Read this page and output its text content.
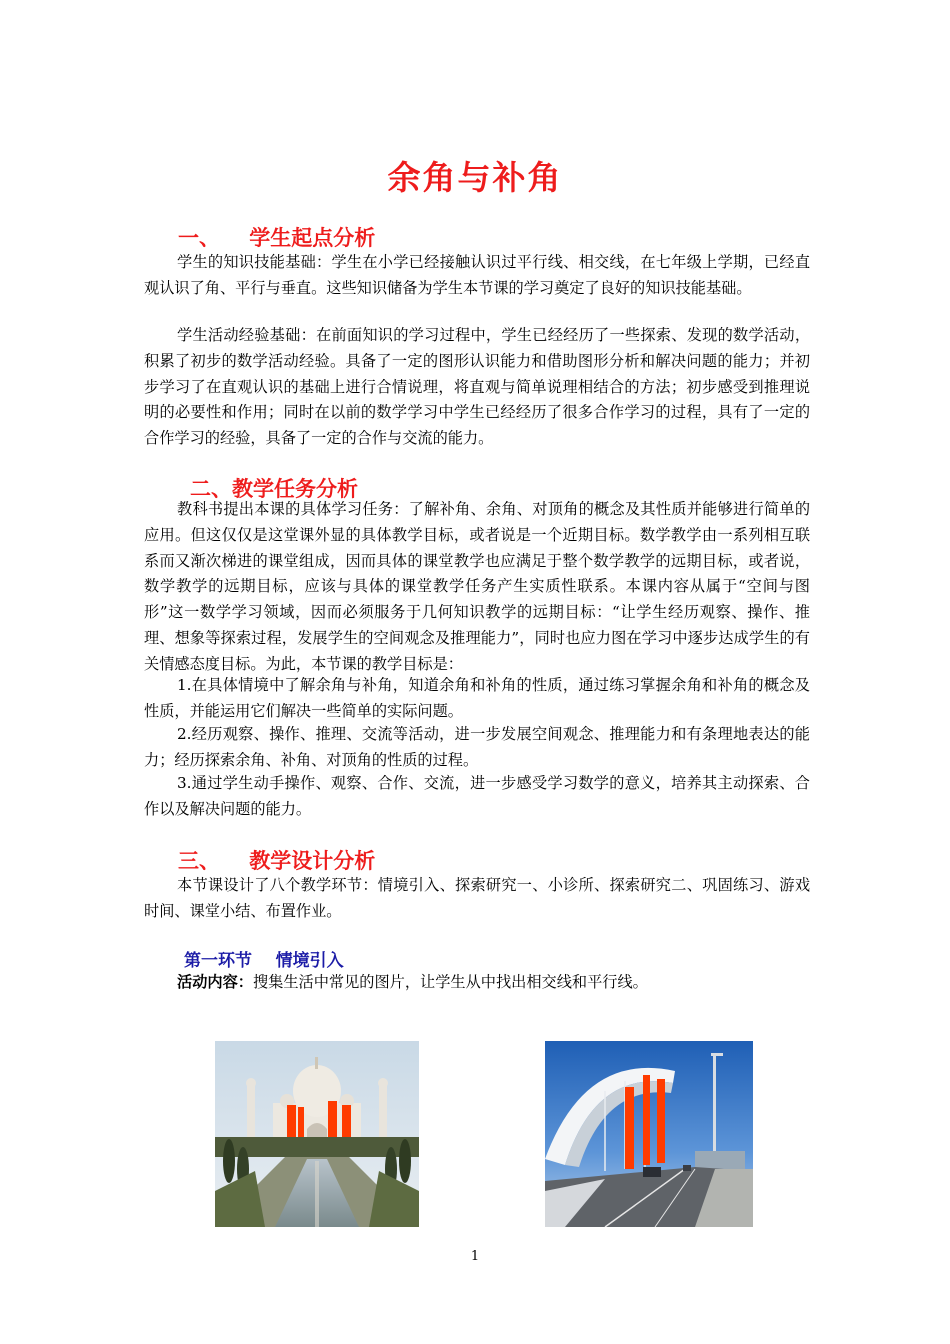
余角与补角
一、    学生起点分析

学生的知识技能基础：学生在小学已经接触认识过平行线、相交线，在七年级上学期，已经直观认识了角、平行与垂直。这些知识储备为学生本节课的学习奠定了良好的知识技能基础。

学生活动经验基础：在前面知识的学习过程中，学生已经经历了一些探索、发现的数学活动，积累了初步的数学活动经验。具备了一定的图形认识能力和借助图形分析和解决问题的能力；并初步学习了在直观认识的基础上进行合情说理，将直观与简单说理相结合的方法；初步感受到推理说明的必要性和作用；同时在以前的数学学习中学生已经经历了很多合作学习的过程，具有了一定的合作学习的经验，具备了一定的合作与交流的能力。

二、教学任务分析

教科书提出本课的具体学习任务：了解补角、余角、对顶角的概念及其性质并能够进行简单的应用。但这仅仅是这堂课外显的具体教学目标，或者说是一个近期目标。数学教学由一系列相互联系而又渐次梯进的课堂组成，因而具体的课堂教学也应满足于整个数学教学的远期目标，或者说，数学教学的远期目标，应该与具体的课堂教学任务产生实质性联系。本课内容从属于“空间与图形”这一数学学习领域，因而必须服务于几何知识教学的远期目标：“让学生经历观察、操作、推理、想象等探索过程，发展学生的空间观念及推理能力”，同时也应力图在学习中逐步达成学生的有关情感态度目标。为此，本节课的教学目标是：

1.在具体情境中了解余角与补角，知道余角和补角的性质，通过练习掌握余角和补角的概念及性质，并能运用它们解决一些简单的实际问题。

2.经历观察、操作、推理、交流等活动，进一步发展空间观念、推理能力和有条理地表达的能力；经历探索余角、补角、对顶角的性质的过程。

3.通过学生动手操作、观察、合作、交流，进一步感受学习数学的意义，培养其主动探索、合作以及解决问题的能力。

三、    教学设计分析

本节课设计了八个教学环节：情境引入、探索研究一、小诊所、探索研究二、巩固练习、游戏时间、课堂小结、布置作业。

第一环节    情境引入

活动内容：搜集生活中常见的图片，让学生从中找出相交线和平行线。

1
